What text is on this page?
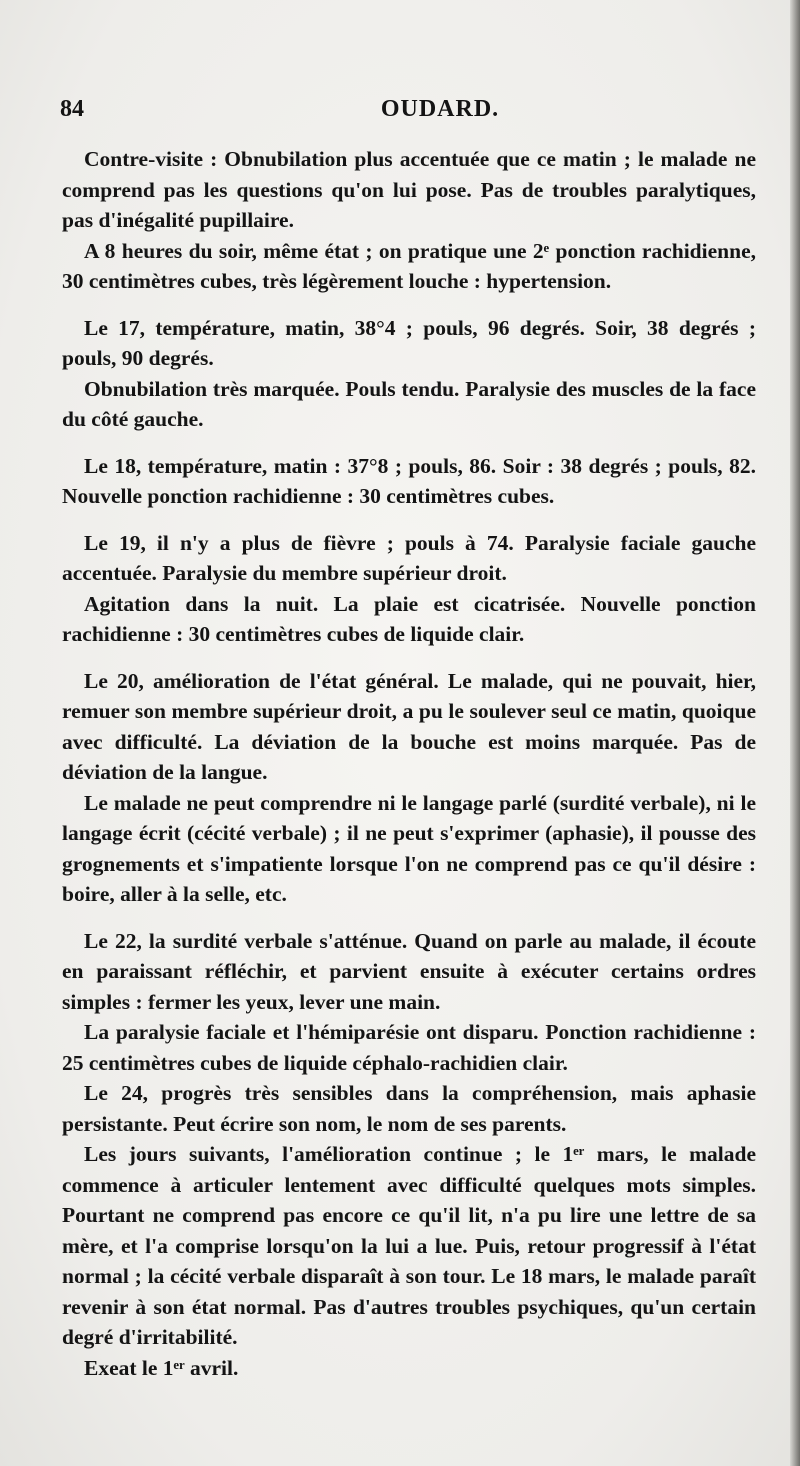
84	OUDARD.

Contre-visite : Obnubilation plus accentuée que ce matin ; le malade ne comprend pas les questions qu'on lui pose. Pas de troubles paralytiques, pas d'inégalité pupillaire.

A 8 heures du soir, même état ; on pratique une 2ᵉ ponction rachidienne, 30 centimètres cubes, très légèrement louche : hypertension.

Le 17, température, matin, 38°4 ; pouls, 96 degrés. Soir, 38 degrés ; pouls, 90 degrés.

Obnubilation très marquée. Pouls tendu. Paralysie des muscles de la face du côté gauche.

Le 18, température, matin : 37°8 ; pouls, 86. Soir : 38 degrés ; pouls, 82. Nouvelle ponction rachidienne : 30 centimètres cubes.

Le 19, il n'y a plus de fièvre ; pouls à 74. Paralysie faciale gauche accentuée. Paralysie du membre supérieur droit.

Agitation dans la nuit. La plaie est cicatrisée. Nouvelle ponction rachidienne : 30 centimètres cubes de liquide clair.

Le 20, amélioration de l'état général. Le malade, qui ne pouvait, hier, remuer son membre supérieur droit, a pu le soulever seul ce matin, quoique avec difficulté. La déviation de la bouche est moins marquée. Pas de déviation de la langue.

Le malade ne peut comprendre ni le langage parlé (surdité verbale), ni le langage écrit (cécité verbale) ; il ne peut s'exprimer (aphasie), il pousse des grognements et s'impatiente lorsque l'on ne comprend pas ce qu'il désire : boire, aller à la selle, etc.

Le 22, la surdité verbale s'atténue. Quand on parle au malade, il écoute en paraissant réfléchir, et parvient ensuite à exécuter certains ordres simples : fermer les yeux, lever une main.

La paralysie faciale et l'hémiparésie ont disparu. Ponction rachidienne : 25 centimètres cubes de liquide céphalo-rachidien clair.

Le 24, progrès très sensibles dans la compréhension, mais aphasie persistante. Peut écrire son nom, le nom de ses parents.

Les jours suivants, l'amélioration continue ; le 1ᵉʳ mars, le malade commence à articuler lentement avec difficulté quelques mots simples. Pourtant ne comprend pas encore ce qu'il lit, n'a pu lire une lettre de sa mère, et l'a comprise lorsqu'on la lui a lue. Puis, retour progressif à l'état normal ; la cécité verbale disparaît à son tour. Le 18 mars, le malade paraît revenir à son état normal. Pas d'autres troubles psychiques, qu'un certain degré d'irritabilité.

Exeat le 1ᵉʳ avril.
